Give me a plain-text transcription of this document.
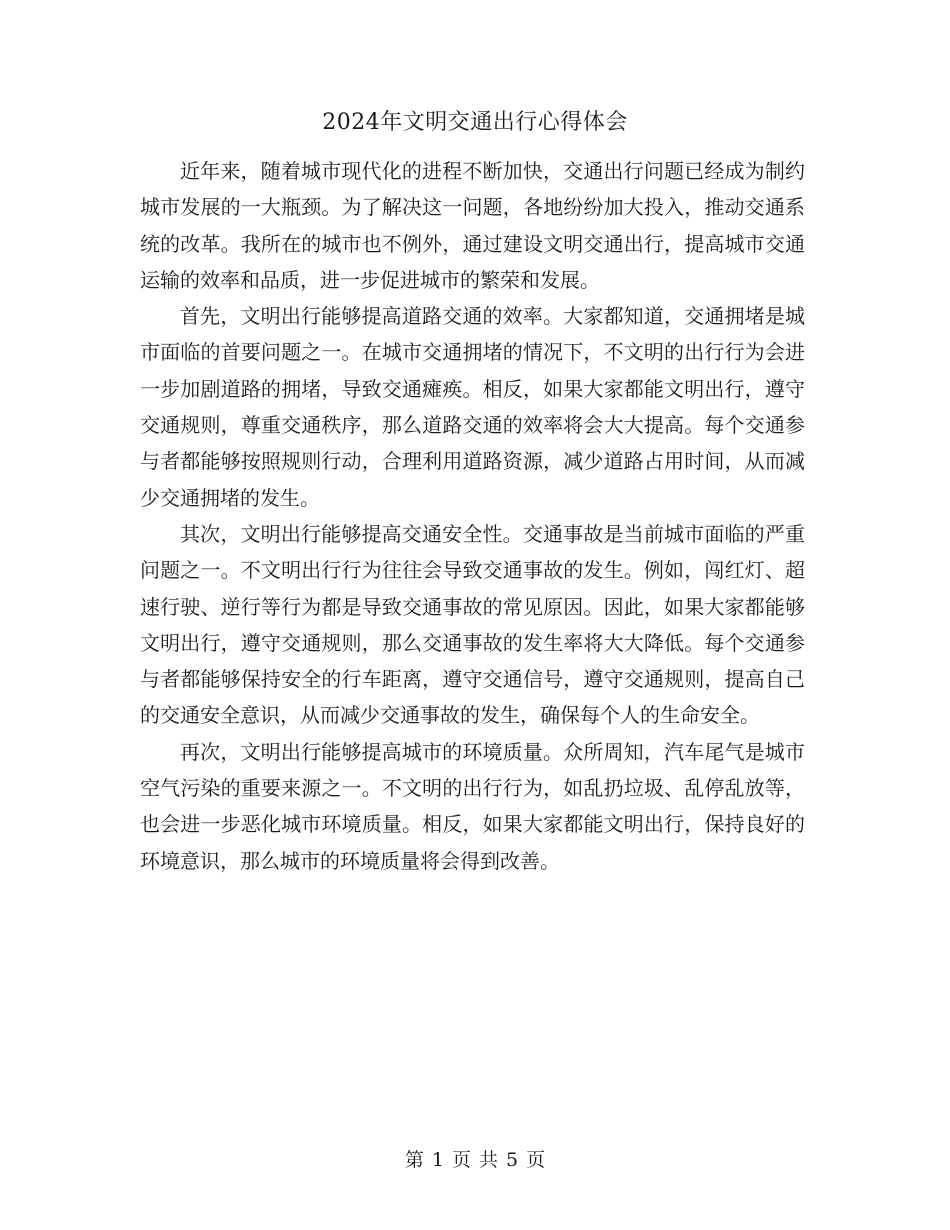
2024年文明交通出行心得体会

近年来，随着城市现代化的进程不断加快，交通出行问题已经成为制约城市发展的一大瓶颈。为了解决这一问题，各地纷纷加大投入，推动交通系统的改革。我所在的城市也不例外，通过建设文明交通出行，提高城市交通运输的效率和品质，进一步促进城市的繁荣和发展。

首先，文明出行能够提高道路交通的效率。大家都知道，交通拥堵是城市面临的首要问题之一。在城市交通拥堵的情况下，不文明的出行行为会进一步加剧道路的拥堵，导致交通瘫痪。相反，如果大家都能文明出行，遵守交通规则，尊重交通秩序，那么道路交通的效率将会大大提高。每个交通参与者都能够按照规则行动，合理利用道路资源，减少道路占用时间，从而减少交通拥堵的发生。

其次，文明出行能够提高交通安全性。交通事故是当前城市面临的严重问题之一。不文明出行行为往往会导致交通事故的发生。例如，闯红灯、超速行驶、逆行等行为都是导致交通事故的常见原因。因此，如果大家都能够文明出行，遵守交通规则，那么交通事故的发生率将大大降低。每个交通参与者都能够保持安全的行车距离，遵守交通信号，遵守交通规则，提高自己的交通安全意识，从而减少交通事故的发生，确保每个人的生命安全。

再次，文明出行能够提高城市的环境质量。众所周知，汽车尾气是城市空气污染的重要来源之一。不文明的出行行为，如乱扔垃圾、乱停乱放等，也会进一步恶化城市环境质量。相反，如果大家都能文明出行，保持良好的环境意识，那么城市的环境质量将会得到改善。

第 1 页 共 5 页
